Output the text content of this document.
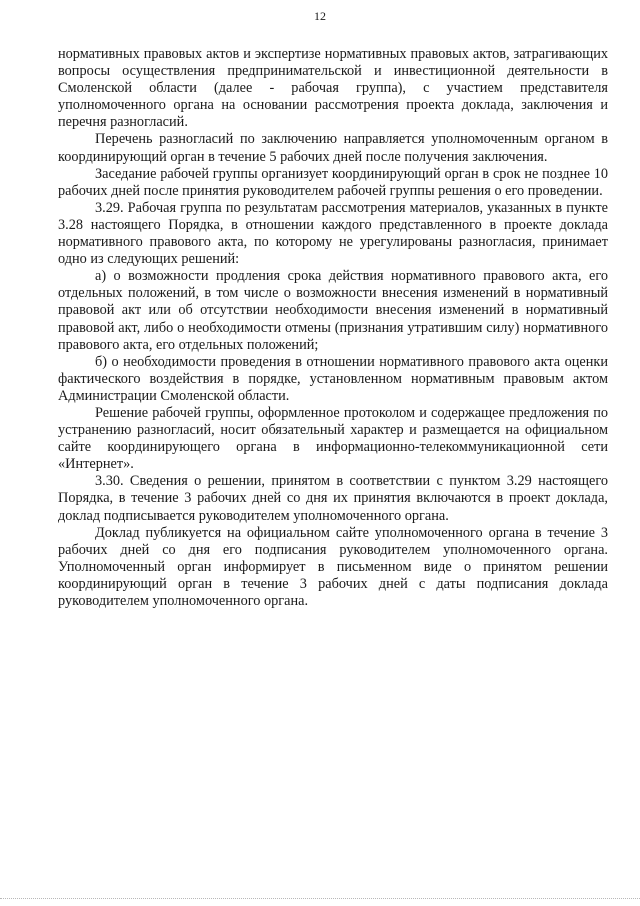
12

нормативных правовых актов и экспертизе нормативных правовых актов, затрагивающих вопросы осуществления предпринимательской и инвестиционной деятельности в Смоленской области (далее - рабочая группа), с участием представителя уполномоченного органа на основании рассмотрения проекта доклада, заключения и перечня разногласий.

Перечень разногласий по заключению направляется уполномоченным органом в координирующий орган в течение 5 рабочих дней после получения заключения.

Заседание рабочей группы организует координирующий орган в срок не позднее 10 рабочих дней после принятия руководителем рабочей группы решения о его проведении.

3.29. Рабочая группа по результатам рассмотрения материалов, указанных в пункте 3.28 настоящего Порядка, в отношении каждого представленного в проекте доклада нормативного правового акта, по которому не урегулированы разногласия, принимает одно из следующих решений:

а) о возможности продления срока действия нормативного правового акта, его отдельных положений, в том числе о возможности внесения изменений в нормативный правовой акт или об отсутствии необходимости внесения изменений в нормативный правовой акт, либо о необходимости отмены (признания утратившим силу) нормативного правового акта, его отдельных положений;

б) о необходимости проведения в отношении нормативного правового акта оценки фактического воздействия в порядке, установленном нормативным правовым актом Администрации Смоленской области.

Решение рабочей группы, оформленное протоколом и содержащее предложения по устранению разногласий, носит обязательный характер и размещается на официальном сайте координирующего органа в информационно-телекоммуникационной сети «Интернет».

3.30. Сведения о решении, принятом в соответствии с пунктом 3.29 настоящего Порядка, в течение 3 рабочих дней со дня их принятия включаются в проект доклада, доклад подписывается руководителем уполномоченного органа.

Доклад публикуется на официальном сайте уполномоченного органа в течение 3 рабочих дней со дня его подписания руководителем уполномоченного органа. Уполномоченный орган информирует в письменном виде о принятом решении координирующий орган в течение 3 рабочих дней с даты подписания доклада руководителем уполномоченного органа.
